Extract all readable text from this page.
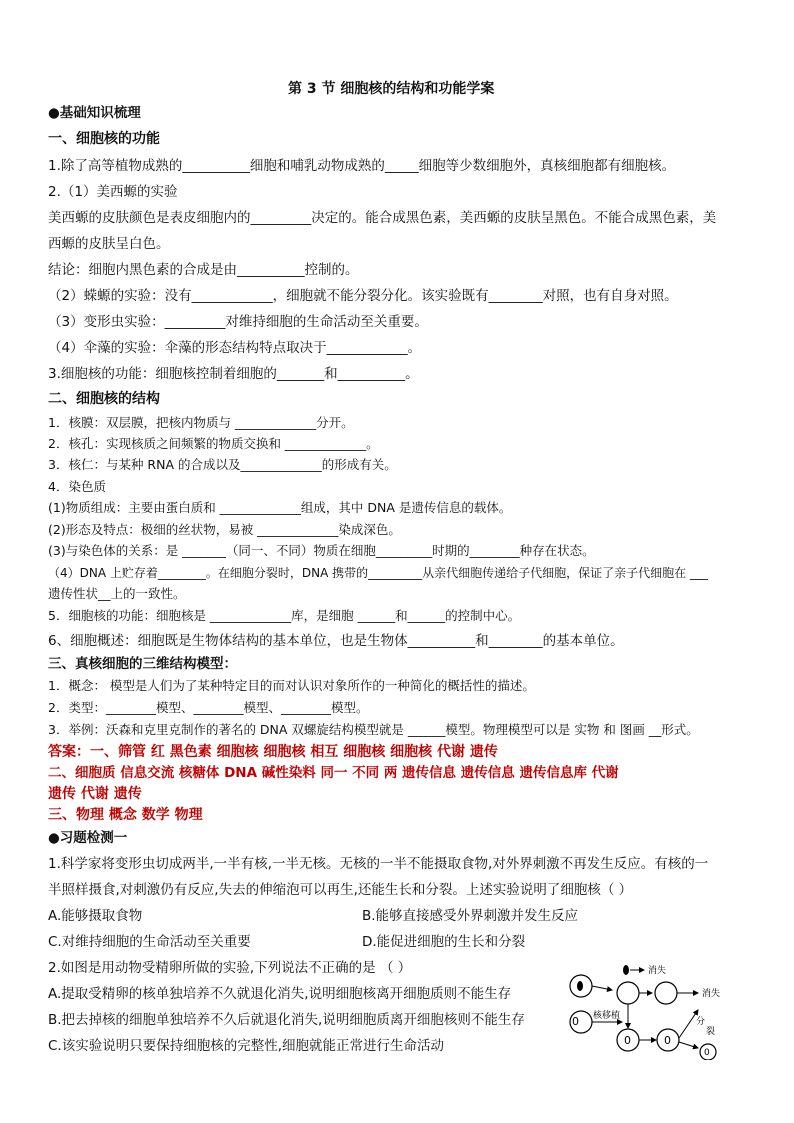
第 3 节 细胞核的结构和功能学案
●基础知识梳理
一、细胞核的功能
1.除了高等植物成熟的__________细胞和哺乳动物成熟的_____细胞等少数细胞外，真核细胞都有细胞核。
2.（1）美西螈的实验
美西螈的皮肤颜色是表皮细胞内的_________决定的。能合成黑色素，美西螈的皮肤呈黑色。不能合成黑色素，美
西螈的皮肤呈白色。
结论：细胞内黑色素的合成是由__________控制的。
（2）蝾螈的实验：没有____________，细胞就不能分裂分化。该实验既有________对照，也有自身对照。
（3）变形虫实验：_________对维持细胞的生命活动至关重要。
（4）伞藻的实验：伞藻的形态结构特点取决于____________。
3.细胞核的功能：细胞核控制着细胞的_______和__________。
二、细胞核的结构
1．核膜：双层膜，把核内物质与 _____________分开。
2．核孔：实现核质之间频繁的物质交换和 _____________。
3．核仁：与某种 RNA 的合成以及_____________的形成有关。
4．染色质
(1)物质组成：主要由蛋白质和 _____________组成，其中 DNA 是遗传信息的载体。
(2)形态及特点：极细的丝状物，易被 _____________染成深色。
(3)与染色体的关系：是 _______（同一、不同）物质在细胞_________时期的________种存在状态。
（4）DNA 上贮存着________。在细胞分裂时，DNA 携带的_________从亲代细胞传递给子代细胞，保证了亲子代细胞在 ___
遗传性状__上的一致性。
5．细胞核的功能：细胞核是 _____________库，是细胞 ______和______的控制中心。
6、细胞概述：细胞既是生物体结构的基本单位，也是生物体__________和________的基本单位。
三、真核细胞的三维结构模型：
1．概念： 模型是人们为了某种特定目的而对认识对象所作的一种简化的概括性的描述。
2．类型：________模型、________模型、________模型。
3．举例：沃森和克里克制作的著名的 DNA 双螺旋结构模型就是 ______模型。物理模型可以是 实物 和 图画 __形式。
答案：一、筛管 红 黑色素 细胞核 细胞核 相互 细胞核 细胞核 代谢 遗传
二、细胞质 信息交流 核糖体 DNA 碱性染料 同一 不同 两 遗传信息 遗传信息 遗传信息库 代谢
遗传 代谢 遗传
三、物理 概念 数学 物理
●习题检测一
1.科学家将变形虫切成两半,一半有核,一半无核。无核的一半不能摄取食物,对外界刺激不再发生反应。有核的一
半照样摄食,对刺激仍有反应,失去的伸缩泡可以再生,还能生长和分裂。上述实验说明了细胞核（ ）
A.能够摄取食物	B.能够直接感受外界刺激并发生反应
C.对维持细胞的生命活动至关重要	D.能促进细胞的生长和分裂
2.如图是用动物受精卵所做的实验,下列说法不正确的是 （ ）
A.提取受精卵的核单独培养不久就退化消失,说明细胞核离开细胞质则不能生存
B.把去掉核的细胞单独培养不久后就退化消失,说明细胞质离开细胞核则不能生存
C.该实验说明只要保持细胞核的完整性,细胞就能正常进行生命活动
消失
消失
0 核移植
0	0
0
分
裂
